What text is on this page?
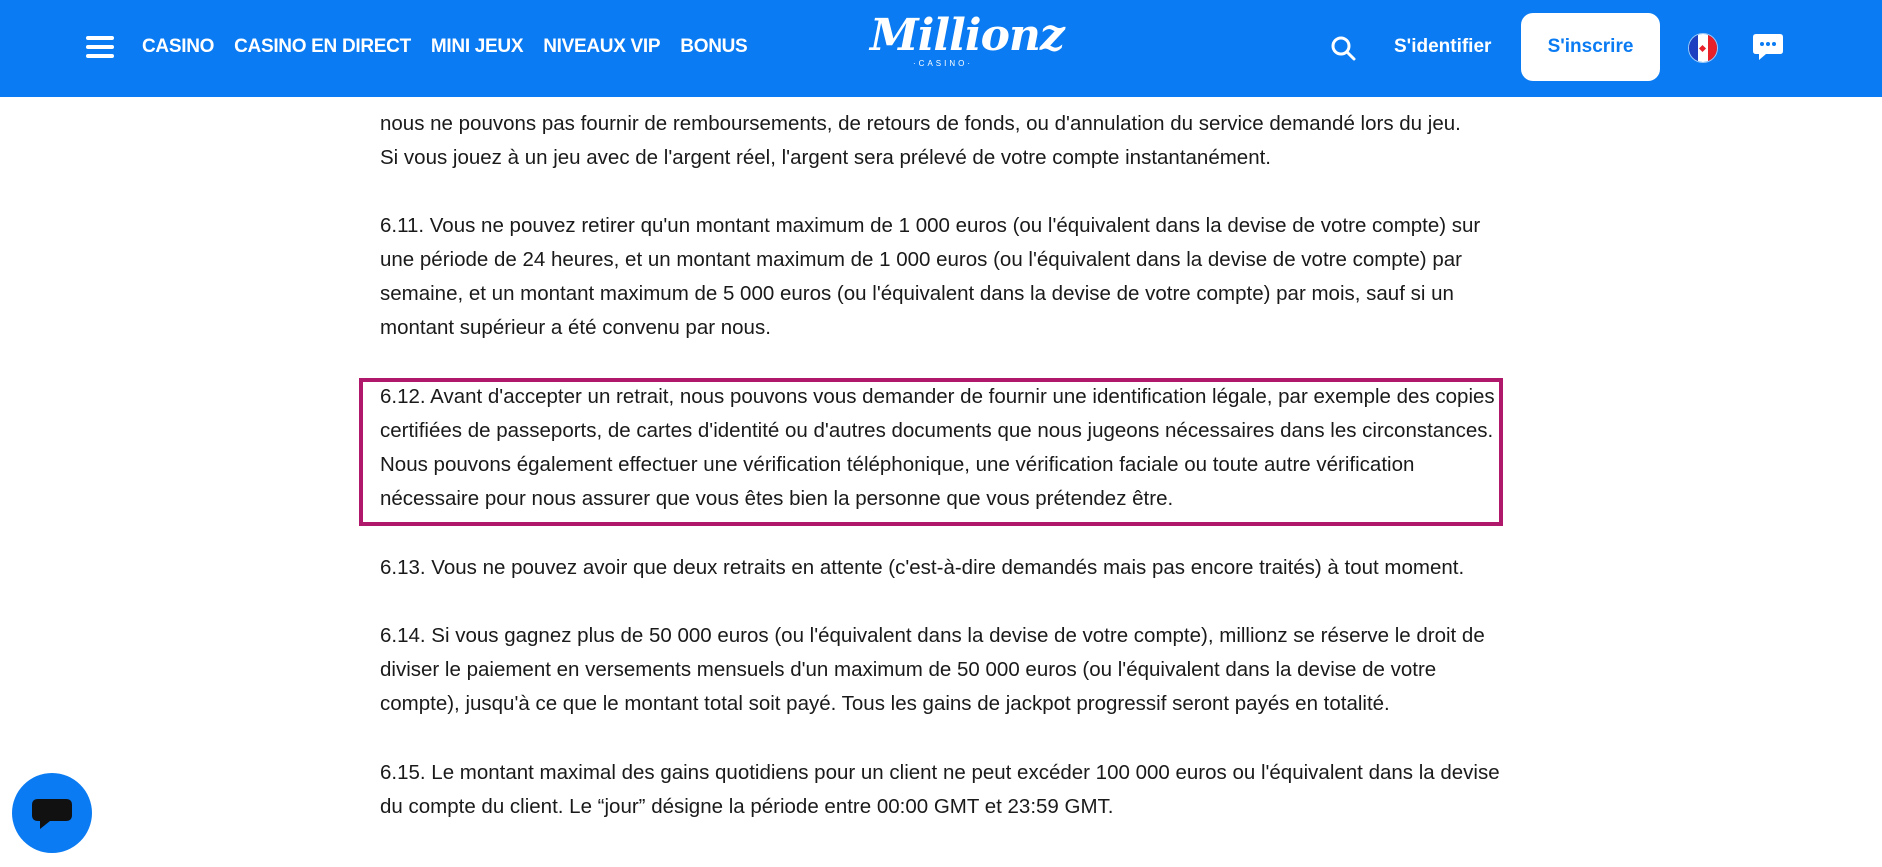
CASINO CASINO EN DIRECT MINI JEUX NIVEAUX VIP BONUS	Millionz
·CASINO·
S'identifier	S'inscrire

nous ne pouvons pas fournir de remboursements, de retours de fonds, ou d'annulation du service demandé lors du jeu.

Si vous jouez à un jeu avec de l'argent réel, l'argent sera prélevé de votre compte instantanément.

6.11. Vous ne pouvez retirer qu'un montant maximum de 1 000 euros (ou l'équivalent dans la devise de votre compte) sur une période de 24 heures, et un montant maximum de 1 000 euros (ou l'équivalent dans la devise de votre compte) par semaine, et un montant maximum de 5 000 euros (ou l'équivalent dans la devise de votre compte) par mois, sauf si un montant supérieur a été convenu par nous.

6.12. Avant d'accepter un retrait, nous pouvons vous demander de fournir une identification légale, par exemple des copies certifiées de passeports, de cartes d'identité ou d'autres documents que nous jugeons nécessaires dans les circonstances. Nous pouvons également effectuer une vérification téléphonique, une vérification faciale ou toute autre vérification nécessaire pour nous assurer que vous êtes bien la personne que vous prétendez être.

6.13. Vous ne pouvez avoir que deux retraits en attente (c'est-à-dire demandés mais pas encore traités) à tout moment.

6.14. Si vous gagnez plus de 50 000 euros (ou l'équivalent dans la devise de votre compte), millionz se réserve le droit de diviser le paiement en versements mensuels d'un maximum de 50 000 euros (ou l'équivalent dans la devise de votre compte), jusqu'à ce que le montant total soit payé. Tous les gains de jackpot progressif seront payés en totalité.

6.15. Le montant maximal des gains quotidiens pour un client ne peut excéder 100 000 euros ou l'équivalent dans la devise du compte du client. Le “jour” désigne la période entre 00:00 GMT et 23:59 GMT.
